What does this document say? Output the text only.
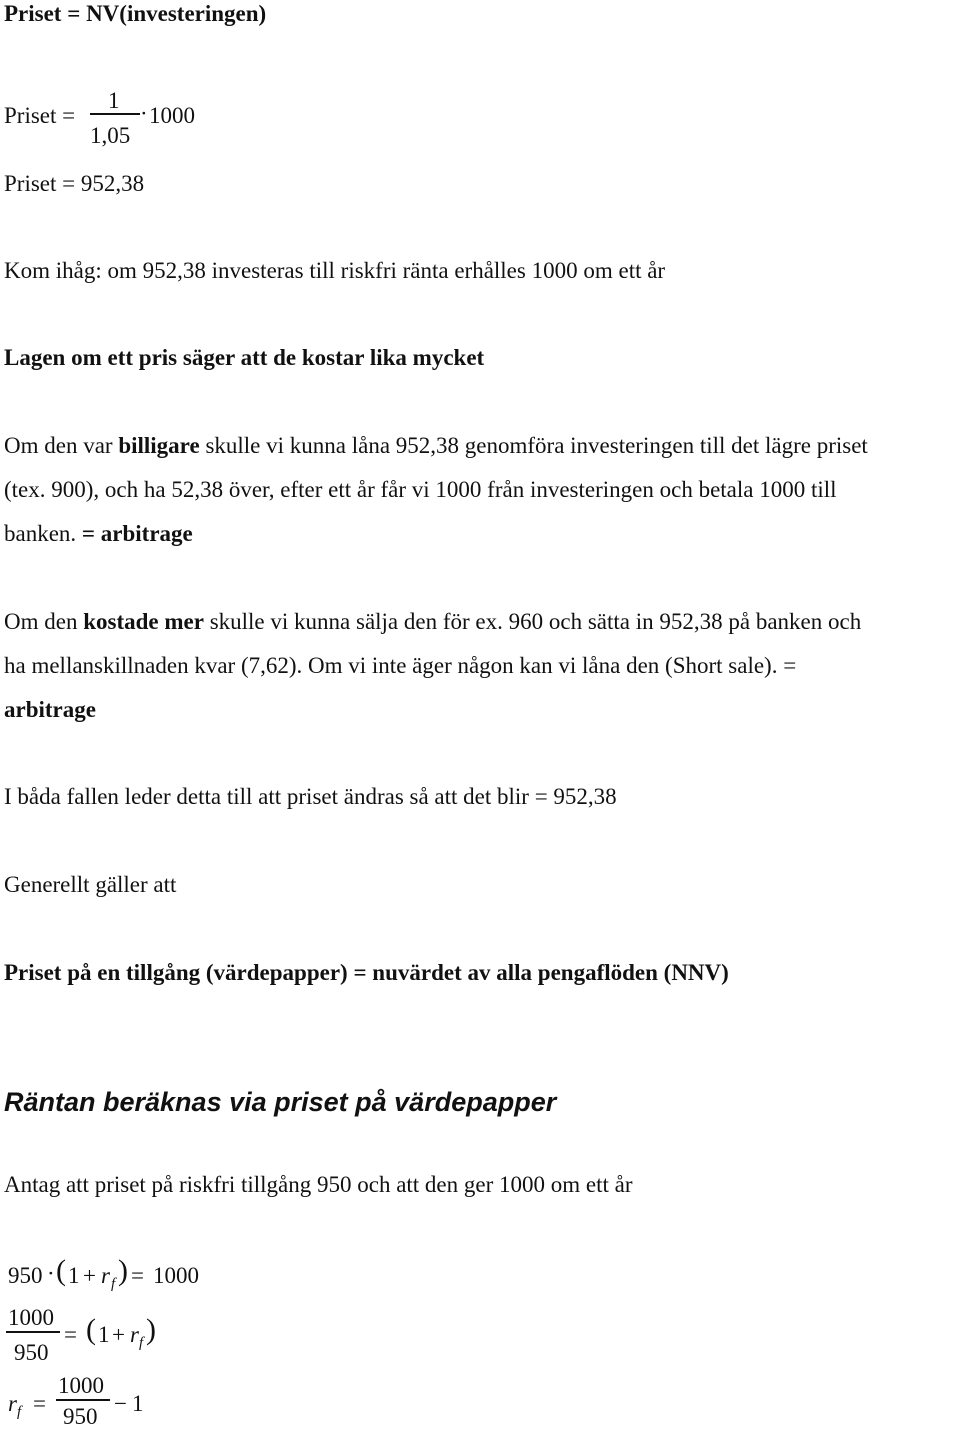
Priset = NV(investeringen)
Priset =
1
1,05
· 1000
Priset = 952,38
Kom ihåg: om 952,38 investeras till riskfri ränta erhålles 1000 om ett år
Lagen om ett pris säger att de kostar lika mycket
Om den var billigare skulle vi kunna låna 952,38 genomföra investeringen till det lägre priset
(tex. 900), och ha 52,38 över, efter ett år får vi 1000 från investeringen och betala 1000 till
banken. = arbitrage
Om den kostade mer skulle vi kunna sälja den för ex. 960 och sätta in 952,38 på banken och
ha mellanskillnaden kvar (7,62). Om vi inte äger någon kan vi låna den (Short sale). =
arbitrage
I båda fallen leder detta till att priset ändras så att det blir = 952,38
Generellt gäller att
Priset på en tillgång (värdepapper) = nuvärdet av alla pengaflöden (NNV)
Räntan beräknas via priset på värdepapper
Antag att priset på riskfri tillgång 950 och att den ger 1000 om ett år
950 · ( 1 + r f ) = 1000
1000
950
= ( 1 + r f )
r f =
1000
950
− 1
